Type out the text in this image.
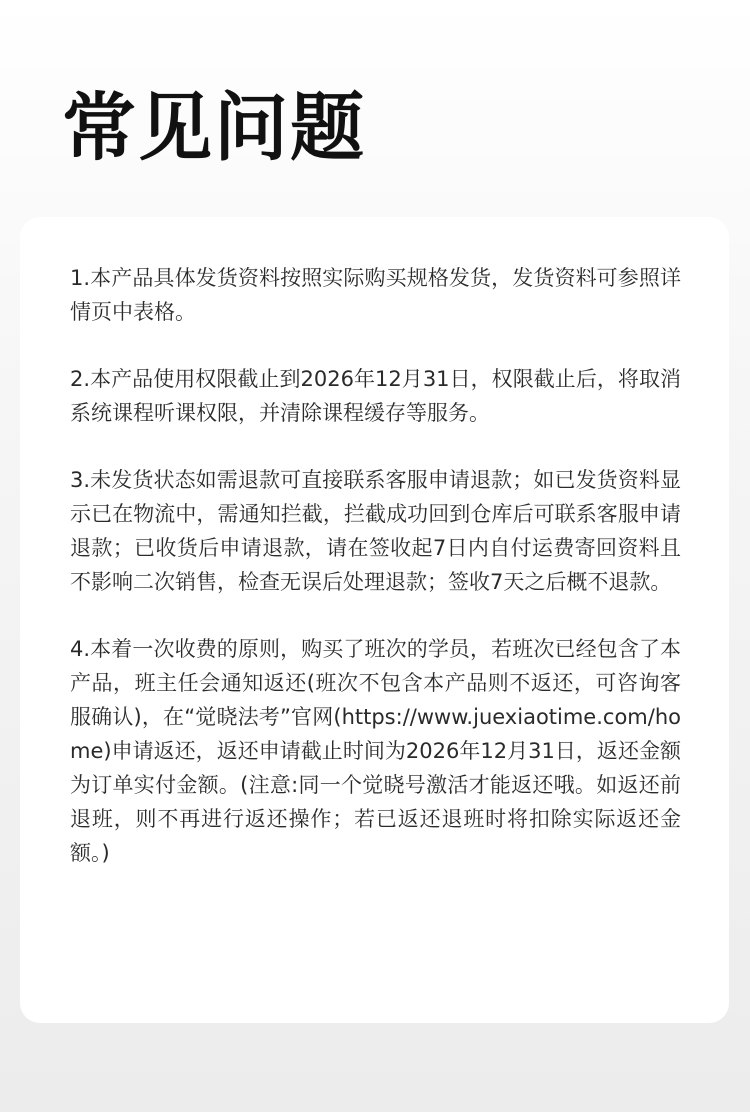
常见问题

1.本产品具体发货资料按照实际购买规格发货，发货资料可参照详情页中表格。

2.本产品使用权限截止到2026年12月31日，权限截止后，将取消系统课程听课权限，并清除课程缓存等服务。

3.未发货状态如需退款可直接联系客服申请退款；如已发货资料显示已在物流中，需通知拦截，拦截成功回到仓库后可联系客服申请退款；已收货后申请退款，请在签收起7日内自付运费寄回资料且不影响二次销售，检查无误后处理退款；签收7天之后概不退款。

4.本着一次收费的原则，购买了班次的学员，若班次已经包含了本产品，班主任会通知返还(班次不包含本产品则不返还，可咨询客服确认)，在“觉晓法考”官网(https://www.juexiaotime.com/home)申请返还，返还申请截止时间为2026年12月31日，返还金额为订单实付金额。(注意:同一个觉晓号激活才能返还哦。如返还前退班，则不再进行返还操作；若已返还退班时将扣除实际返还金额。)
